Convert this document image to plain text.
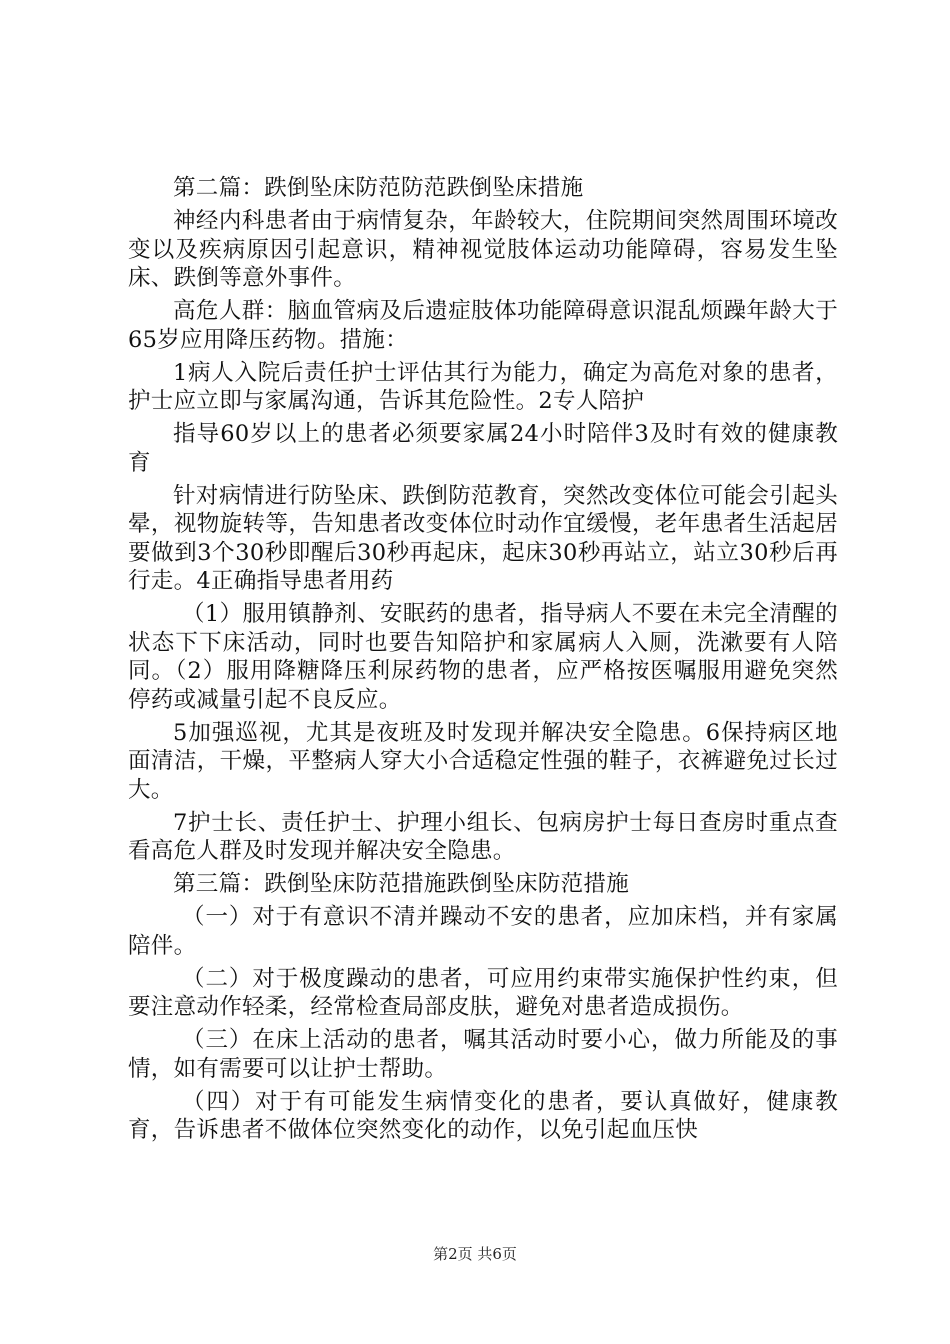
第二篇：跌倒坠床防范防范跌倒坠床措施

神经内科患者由于病情复杂，年龄较大，住院期间突然周围环境改变以及疾病原因引起意识，精神视觉肢体运动功能障碍，容易发生坠床、跌倒等意外事件。

高危人群：脑血管病及后遗症肢体功能障碍意识混乱烦躁年龄大于65岁应用降压药物。措施：

1病人入院后责任护士评估其行为能力，确定为高危对象的患者，护士应立即与家属沟通，告诉其危险性。2专人陪护

指导60岁以上的患者必须要家属24小时陪伴3及时有效的健康教育

针对病情进行防坠床、跌倒防范教育，突然改变体位可能会引起头晕，视物旋转等，告知患者改变体位时动作宜缓慢，老年患者生活起居要做到3个30秒即醒后30秒再起床，起床30秒再站立，站立30秒后再行走。4正确指导患者用药

（1）服用镇静剂、安眠药的患者，指导病人不要在未完全清醒的状态下下床活动，同时也要告知陪护和家属病人入厕，洗漱要有人陪同。（2）服用降糖降压利尿药物的患者，应严格按医嘱服用避免突然停药或减量引起不良反应。

5加强巡视，尤其是夜班及时发现并解决安全隐患。6保持病区地面清洁，干燥，平整病人穿大小合适稳定性强的鞋子，衣裤避免过长过大。

7护士长、责任护士、护理小组长、包病房护士每日查房时重点查看高危人群及时发现并解决安全隐患。

第三篇：跌倒坠床防范措施跌倒坠床防范措施

（一）对于有意识不清并躁动不安的患者，应加床档，并有家属陪伴。

（二）对于极度躁动的患者，可应用约束带实施保护性约束，但要注意动作轻柔，经常检查局部皮肤，避免对患者造成损伤。

（三）在床上活动的患者，嘱其活动时要小心，做力所能及的事情，如有需要可以让护士帮助。

（四）对于有可能发生病情变化的患者，要认真做好，健康教育，告诉患者不做体位突然变化的动作，以免引起血压快

第2页 共6页
